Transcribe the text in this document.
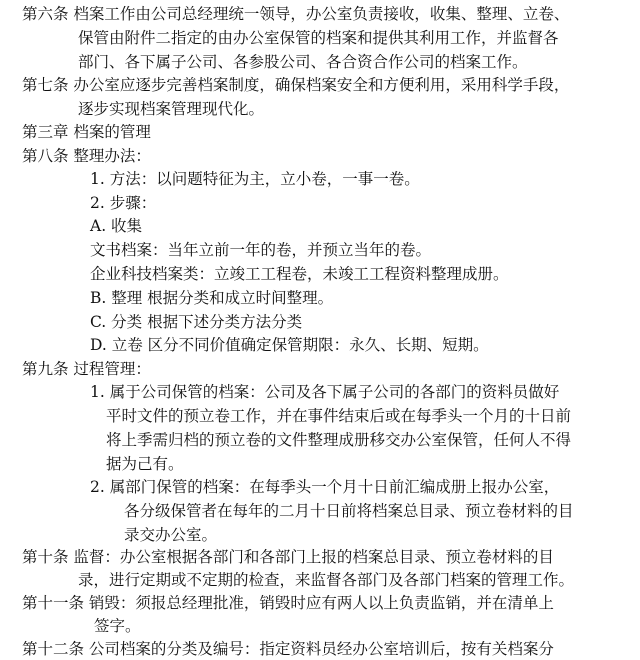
第六条 档案工作由公司总经理统一领导，办公室负责接收，收集、整理、立卷、
保管由附件二指定的由办公室保管的档案和提供其利用工作，并监督各
部门、各下属子公司、各参股公司、各合资合作公司的档案工作。
第七条 办公室应逐步完善档案制度，确保档案安全和方便利用，采用科学手段，
逐步实现档案管理现代化。
第三章 档案的管理
第八条 整理办法：
1. 方法：以问题特征为主，立小卷，一事一卷。
2. 步骤：
A. 收集
文书档案：当年立前一年的卷，并预立当年的卷。
企业科技档案类：立竣工工程卷，未竣工工程资料整理成册。
B. 整理 根据分类和成立时间整理。
C. 分类 根据下述分类方法分类
D. 立卷 区分不同价值确定保管期限：永久、长期、短期。
第九条 过程管理：
1. 属于公司保管的档案：公司及各下属子公司的各部门的资料员做好
平时文件的预立卷工作，并在事件结束后或在每季头一个月的十日前
将上季需归档的预立卷的文件整理成册移交办公室保管，任何人不得
据为己有。
2. 属部门保管的档案：在每季头一个月十日前汇编成册上报办公室，
各分级保管者在每年的二月十日前将档案总目录、预立卷材料的目
录交办公室。
第十条 监督：办公室根据各部门和各部门上报的档案总目录、预立卷材料的目
录，进行定期或不定期的检查，来监督各部门及各部门档案的管理工作。
第十一条 销毁：须报总经理批准，销毁时应有两人以上负责监销，并在清单上
签字。
第十二条 公司档案的分类及编号：指定资料员经办公室培训后，按有关档案分
